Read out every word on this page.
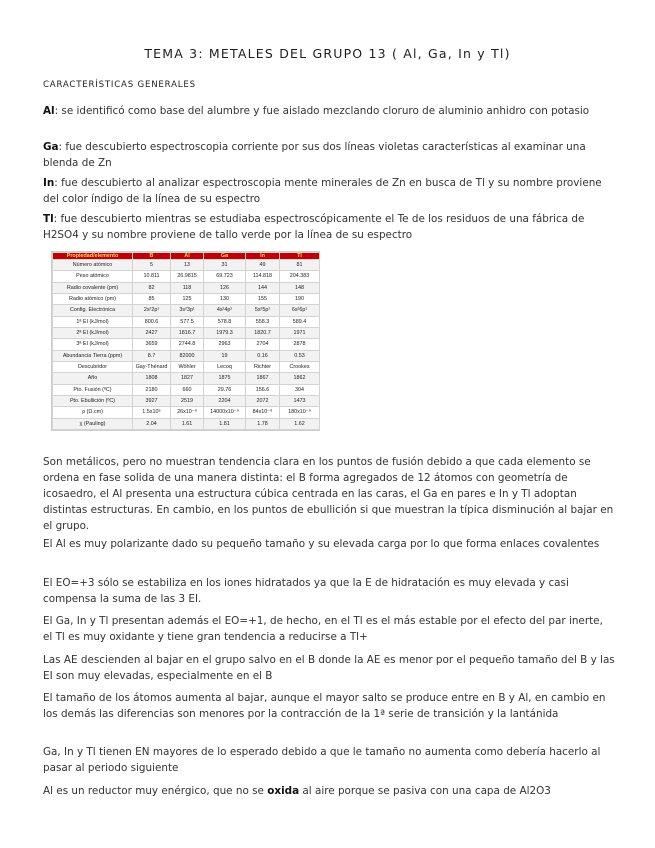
TEMA 3: METALES DEL GRUPO 13 ( Al, Ga, In y Tl)
CARACTERÍSTICAS GENERALES
Al: se identificó como base del alumbre y fue aislado mezclando cloruro de aluminio anhidro con potasio
Ga: fue descubierto espectroscopia corriente por sus dos líneas violetas características al examinar una blenda de Zn
In: fue descubierto al analizar espectroscopia mente minerales de Zn en busca de Tl y su nombre proviene del color índigo de la línea de su espectro
Tl: fue descubierto mientras se estudiaba espectroscópicamente el Te de los residuos de una fábrica de H2SO4 y su nombre proviene de tallo verde por la línea de su espectro
Propiedad/elemento	B	Al	Ga	In	Tl
Número atómico	5	13	31	49	81
Peso atómico	10.811	26.9815	69.723	114.818	204.383
Radio covalente (pm)	82	118	126	144	148
Radio atómico (pm)	85	125	130	155	190
Config. Electrónica	2s²2p¹	3s²3p¹	4s²4p¹	5s²5p¹	6s²6p¹
1ª EI (kJ/mol)	800.6	577.5	578.8	558.3	589.4
2ª EI (kJ/mol)	2427	1816.7	1979.3	1820.7	1971
3ª EI (kJ/mol)	3659	2744.8	2963	2704	2878
Abundancia Tierra (ppm)	8.7	82000	19	0.16	0.53
Descubridor	Gay-Thénard	Wöhler	Lecoq	Richter	Crookes
Año	1808	1827	1875	1867	1862
Pto. Fusión (ºC)	2180	660	29.76	156.6	304
Pto. Ebullición (ºC)	3927	2519	2204	2072	1473
ρ (Ω.cm)	1.5x10⁶	26x10⁻⁹	14000x10⁻⁹	84x10⁻⁹	180x10⁻⁹
χ (Pauling)	2.04	1.61	1.81	1.78	1.62
Son metálicos, pero no muestran tendencia clara en los puntos de fusión debido a que cada elemento se ordena en fase solida de una manera distinta: el B forma agregados de 12 átomos con geometría de icosaedro, el Al presenta una estructura cúbica centrada en las caras, el Ga en pares e In y Tl adoptan distintas estructuras. En cambio, en los puntos de ebullición si que muestran la típica disminución al bajar en el grupo.
El Al es muy polarizante dado su pequeño tamaño y su elevada carga por lo que forma enlaces covalentes
El EO=+3 sólo se estabiliza en los iones hidratados ya que la E de hidratación es muy elevada y casi compensa la suma de las 3 EI.
El Ga, In y Tl presentan además el EO=+1, de hecho, en el Tl es el más estable por el efecto del par inerte, el Tl es muy oxidante y tiene gran tendencia a reducirse a Tl+
Las AE descienden al bajar en el grupo salvo en el B donde la AE es menor por el pequeño tamaño del B y las EI son muy elevadas, especialmente en el B
El tamaño de los átomos aumenta al bajar, aunque el mayor salto se produce entre en B y Al, en cambio en los demás las diferencias son menores por la contracción de la 1ª serie de transición y la lantánida
Ga, In y Tl tienen EN mayores de lo esperado debido a que le tamaño no aumenta como debería hacerlo al pasar al periodo siguiente
Al es un reductor muy enérgico, que no se oxida al aire porque se pasiva con una capa de Al2O3
